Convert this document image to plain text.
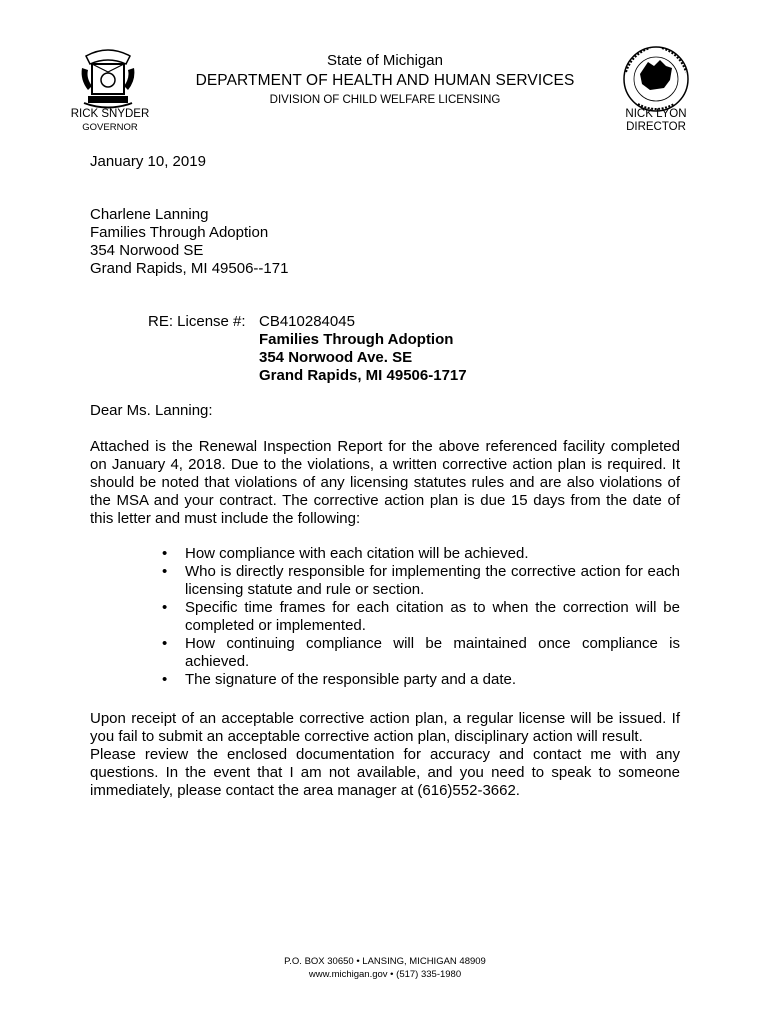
State of Michigan
DEPARTMENT OF HEALTH AND HUMAN SERVICES
DIVISION OF CHILD WELFARE LICENSING
RICK SNYDER
GOVERNOR
NICK LYON
DIRECTOR
January 10, 2019
Charlene Lanning
Families Through Adoption
354 Norwood SE
Grand Rapids, MI 49506--171
RE: License #: CB410284045
Families Through Adoption
354 Norwood Ave. SE
Grand Rapids, MI 49506-1717
Dear Ms. Lanning:
Attached is the Renewal Inspection Report for the above referenced facility completed on January 4, 2018. Due to the violations, a written corrective action plan is required. It should be noted that violations of any licensing statutes rules and are also violations of the MSA and your contract. The corrective action plan is due 15 days from the date of this letter and must include the following:
• How compliance with each citation will be achieved.
• Who is directly responsible for implementing the corrective action for each licensing statute and rule or section.
• Specific time frames for each citation as to when the correction will be completed or implemented.
• How continuing compliance will be maintained once compliance is achieved.
• The signature of the responsible party and a date.

Upon receipt of an acceptable corrective action plan, a regular license will be issued. If you fail to submit an acceptable corrective action plan, disciplinary action will result.

Please review the enclosed documentation for accuracy and contact me with any questions. In the event that I am not available, and you need to speak to someone immediately, please contact the area manager at (616)552-3662.

P.O. BOX 30650 • LANSING, MICHIGAN 48909
www.michigan.gov • (517) 335-1980
